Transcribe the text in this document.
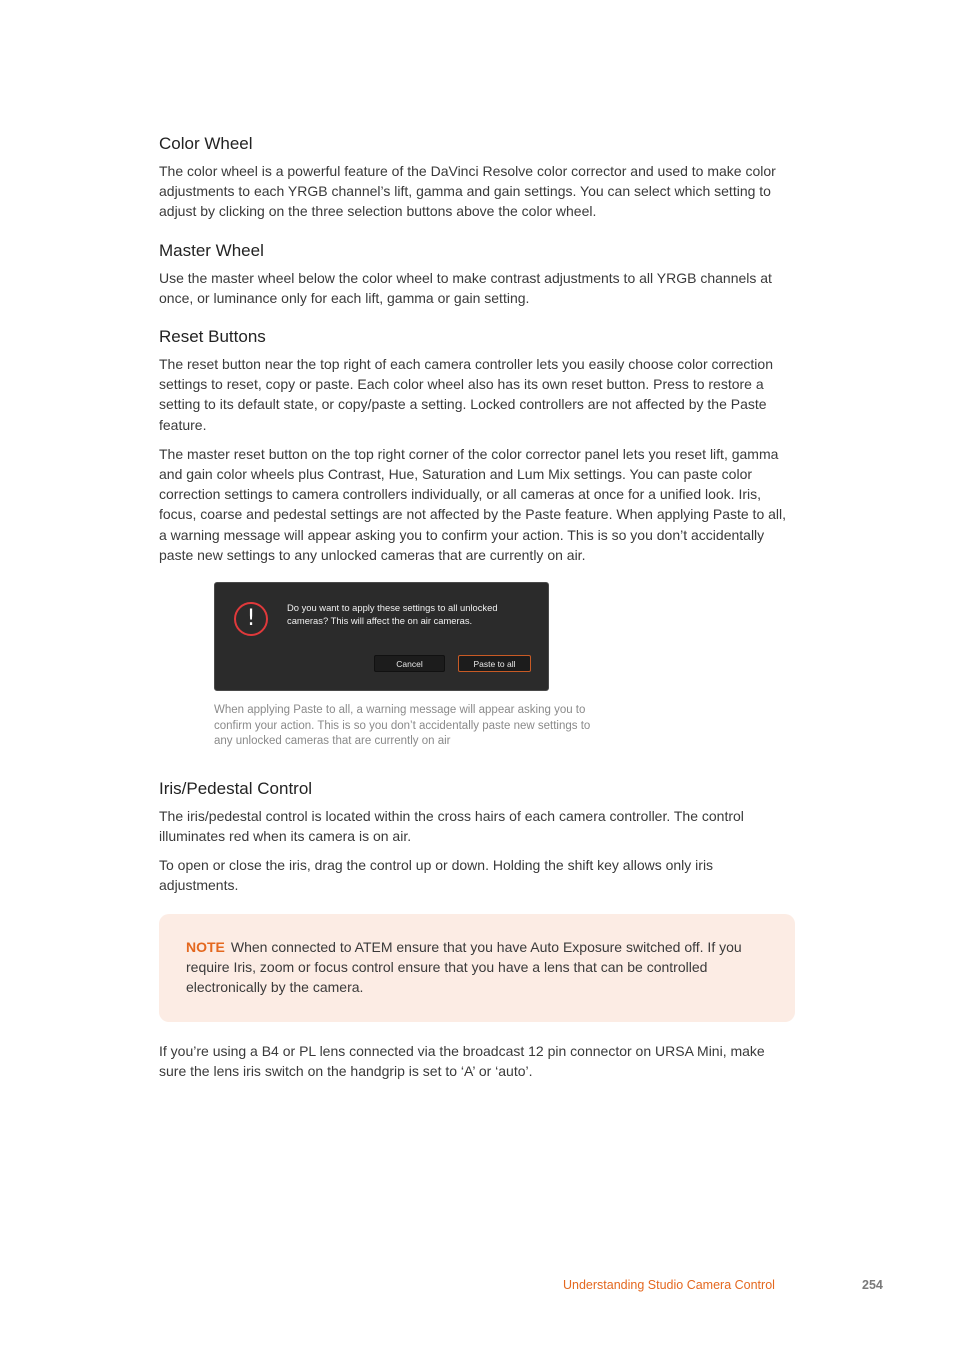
Color Wheel

The color wheel is a powerful feature of the DaVinci Resolve color corrector and used to make color adjustments to each YRGB channel’s lift, gamma and gain settings. You can select which setting to adjust by clicking on the three selection buttons above the color wheel.

Master Wheel

Use the master wheel below the color wheel to make contrast adjustments to all YRGB channels at once, or luminance only for each lift, gamma or gain setting.

Reset Buttons

The reset button near the top right of each camera controller lets you easily choose color correction settings to reset, copy or paste. Each color wheel also has its own reset button. Press to restore a setting to its default state, or copy/paste a setting. Locked controllers are not affected by the Paste feature.

The master reset button on the top right corner of the color corrector panel lets you reset lift, gamma and gain color wheels plus Contrast, Hue, Saturation and Lum Mix settings. You can paste color correction settings to camera controllers individually, or all cameras at once for a unified look. Iris, focus, coarse and pedestal settings are not affected by the Paste feature. When applying Paste to all, a warning message will appear asking you to confirm your action. This is so you don’t accidentally paste new settings to any unlocked cameras that are currently on air.

!	Do you want to apply these settings to all unlocked cameras? This will affect the on air cameras.
Cancel	Paste to all
When applying Paste to all, a warning message will appear asking you to confirm your action. This is so you don’t accidentally paste new settings to any unlocked cameras that are currently on air
Iris/Pedestal Control

The iris/pedestal control is located within the cross hairs of each camera controller. The control illuminates red when its camera is on air.

To open or close the iris, drag the control up or down. Holding the shift key allows only iris adjustments.

NOTE When connected to ATEM ensure that you have Auto Exposure switched off. If you require Iris, zoom or focus control ensure that you have a lens that can be controlled electronically by the camera.

If you’re using a B4 or PL lens connected via the broadcast 12 pin connector on URSA Mini, make sure the lens iris switch on the handgrip is set to ‘A’ or ‘auto’.

Understanding Studio Camera Control	254
